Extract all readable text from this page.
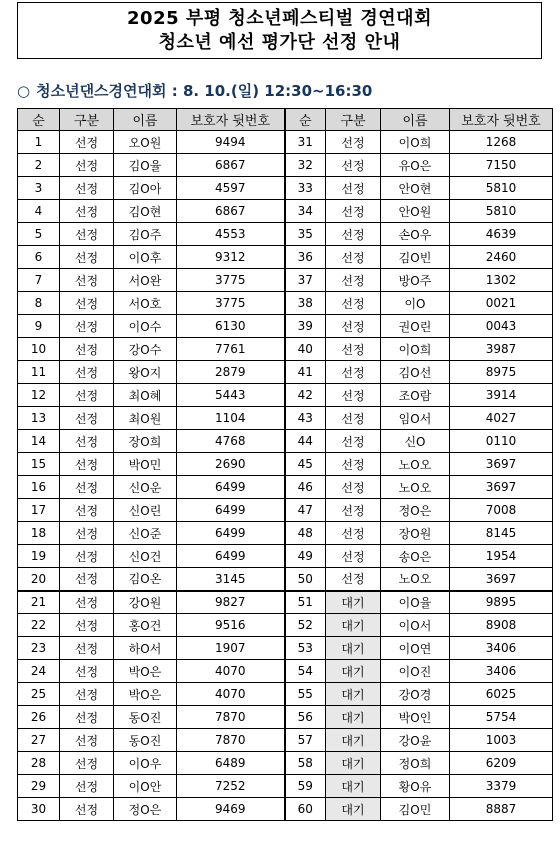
2025 부평 청소년페스티벌 경연대회
청소년 예선 평가단 선정 안내
○ 청소년댄스경연대회 : 8. 10.(일) 12:30~16:30
순	구분	이름	보호자 뒷번호	순	구분	이름	보호자 뒷번호
1	선정	오O원	9494	31	선정	이O희	1268
2	선정	김O율	6867	32	선정	유O은	7150
3	선정	김O아	4597	33	선정	안O현	5810
4	선정	김O현	6867	34	선정	안O원	5810
5	선정	김O주	4553	35	선정	손O우	4639
6	선정	이O후	9312	36	선정	김O빈	2460
7	선정	서O완	3775	37	선정	방O주	1302
8	선정	서O호	3775	38	선정	이O	0021
9	선정	이O수	6130	39	선정	권O린	0043
10	선정	강O수	7761	40	선정	이O희	3987
11	선정	왕O지	2879	41	선정	김O선	8975
12	선정	최O혜	5443	42	선정	조O람	3914
13	선정	최O원	1104	43	선정	임O서	4027
14	선정	장O희	4768	44	선정	신O	0110
15	선정	박O민	2690	45	선정	노O오	3697
16	선정	신O운	6499	46	선정	노O오	3697
17	선정	신O린	6499	47	선정	정O은	7008
18	선정	신O준	6499	48	선정	장O원	8145
19	선정	신O건	6499	49	선정	송O은	1954
20	선정	김O온	3145	50	선정	노O오	3697
21	선정	강O원	9827	51	대기	이O율	9895
22	선정	홍O건	9516	52	대기	이O서	8908
23	선정	하O서	1907	53	대기	이O연	3406
24	선정	박O은	4070	54	대기	이O진	3406
25	선정	박O은	4070	55	대기	강O경	6025
26	선정	동O진	7870	56	대기	박O인	5754
27	선정	동O진	7870	57	대기	강O윤	1003
28	선정	이O우	6489	58	대기	정O희	6209
29	선정	이O안	7252	59	대기	황O유	3379
30	선정	정O은	9469	60	대기	김O민	8887
